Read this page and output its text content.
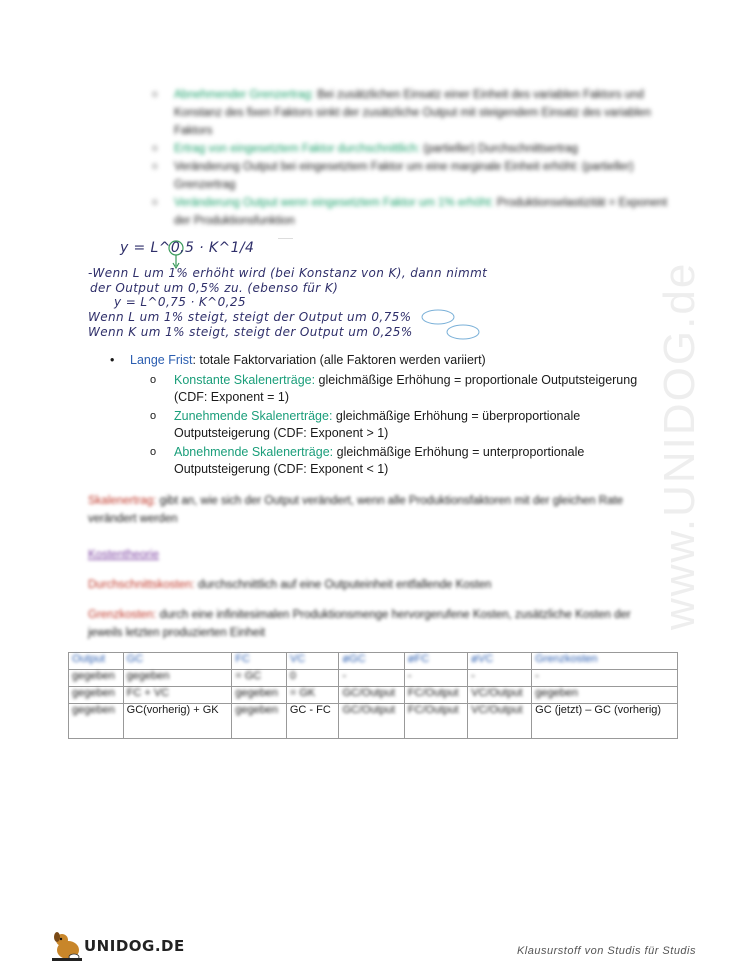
o Abnehmender Grenzertrag: Bei zusätzlichen Einsatz einer Einheit des variablen Faktors und Konstanz des fixen Faktors sinkt der zusätzliche Output mit steigendem Einsatz des variablen Faktors
o Ertrag von eingesetztem Faktor durchschnittlich: (partieller) Durchschnittsertrag
o Veränderung Output bei eingesetztem Faktor um eine marginale Einheit erhöht: (partieller) Grenzertrag
o Veränderung Output wenn eingesetztem Faktor um 1% erhöht: Produktionselastizität = Exponent der Produktionsfunktion
y = L^0,5 · K^1/4
-Wenn L um 1% erhöht wird (bei Konstanz von K), dann nimmt
der Output um 0,5% zu. (ebenso für K)
y = L^0,75 · K^0,25
Wenn L um 1% steigt, steigt der Output um 0,75%
Wenn K um 1% steigt, steigt der Output um 0,25%
• Lange Frist: totale Faktorvariation (alle Faktoren werden variiert)
o Konstante Skalenerträge: gleichmäßige Erhöhung = proportionale Outputsteigerung (CDF: Exponent = 1)
o Zunehmende Skalenerträge: gleichmäßige Erhöhung = überproportionale Outputsteigerung (CDF: Exponent > 1)
o Abnehmende Skalenerträge: gleichmäßige Erhöhung = unterproportionale Outputsteigerung (CDF: Exponent < 1)
Skalenertrag: gibt an, wie sich der Output verändert, wenn alle Produktionsfaktoren mit der gleichen Rate verändert werden
Kostentheorie
Durchschnittskosten: durchschnittlich auf eine Outputeinheit entfallende Kosten
Grenzkosten: durch eine infinitesimalen Produktionsmenge hervorgerufene Kosten, zusätzliche Kosten der jeweils letzten produzierten Einheit
Output	GC	FC	VC	øGC	øFC	øVC	Grenzkosten
gegeben	gegeben	= GC	0	-	-	-	-
gegeben	FC + VC	gegeben	= GK	GC/Output	FC/Output	VC/Output	gegeben
gegeben	GC(vorherig) + GK	gegeben	GC - FC	GC/Output	FC/Output	VC/Output	GC (jetzt) – GC (vorherig)
www.UNIDOG.de
UNIDOG.DE	Klausurstoff von Studis für Studis
